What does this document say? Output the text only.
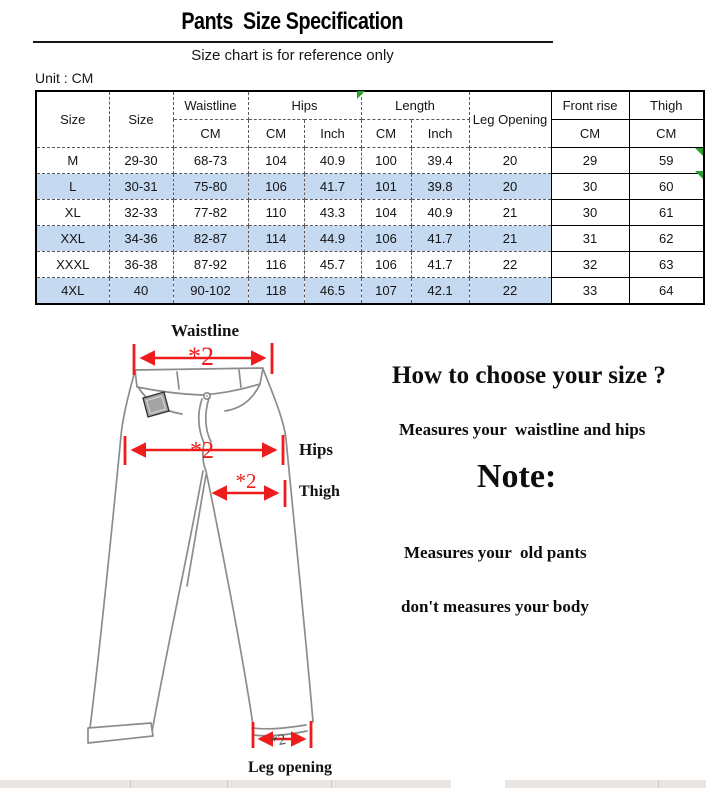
Pants  Size Specification
Size chart is for reference only
Unit : CM
Size	Size	Waistline	Hips		Length		Leg Opening	Front rise	Thigh
		CM	CM	Inch	CM	Inch		CM	CM
M	29-30	68-73	104	40.9	100	39.4	20	29	59
L	30-31	75-80	106	41.7	101	39.8	20	30	60
XL	32-33	77-82	110	43.3	104	40.9	21	30	61
XXL	34-36	82-87	114	44.9	106	41.7	21	31	62
XXXL	36-38	87-92	116	45.7	106	41.7	22	32	63
4XL	40	90-102	118	46.5	107	42.1	22	33	64
*2
*2
*2
*2
Waistline
Hips
Thigh
Leg opening
How to choose your size ?
Measures your  waistline and hips
Note:
Measures your  old pants
don't measures your body
